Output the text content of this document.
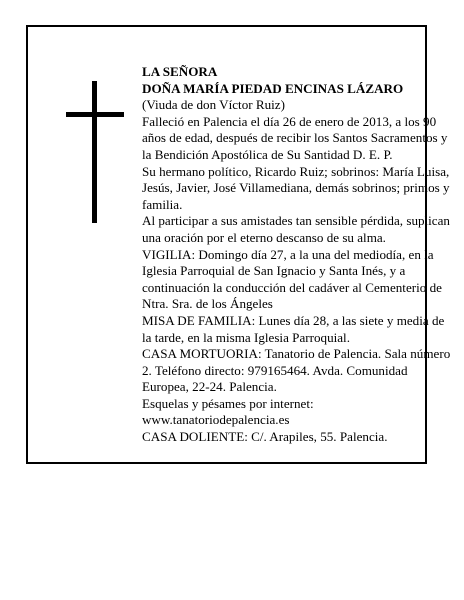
LA SEÑORA

DOÑA MARÍA PIEDAD ENCINAS LÁZARO

(Viuda de don Víctor Ruiz)

Falleció en Palencia el día 26 de enero de 2013, a los 90 años de edad, después de recibir los Santos Sacramentos y la Bendición Apostólica de Su Santidad D. E. P.

Su hermano político, Ricardo Ruiz; sobrinos: María Luisa, Jesús, Javier, José Villamediana, demás sobrinos; primos y familia.

Al participar a sus amistades tan sensible pérdida, suplican una oración por el eterno descanso de su alma.

VIGILIA: Domingo día 27, a la una del mediodía, en la Iglesia Parroquial de San Ignacio y Santa Inés, y a continuación la conducción del cadáver al Cementerio de Ntra. Sra. de los Ángeles

MISA DE FAMILIA: Lunes día 28, a las siete y media de la tarde, en la misma Iglesia Parroquial.

CASA MORTUORIA: Tanatorio de Palencia. Sala número 2. Teléfono directo: 979165464. Avda. Comunidad Europea, 22-24. Palencia.

Esquelas y pésames por internet: www.tanatoriodepalencia.es

CASA DOLIENTE: C/. Arapiles, 55. Palencia.
